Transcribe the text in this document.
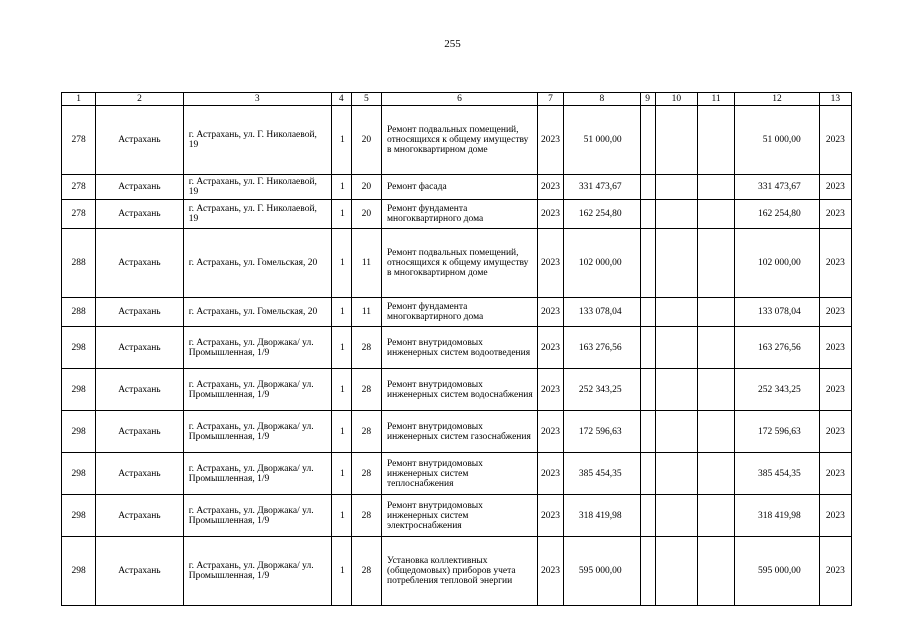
255
1	2	3	4	5	6	7	8	9	10	11	12	13
278	Астрахань	г. Астрахань, ул. Г. Николаевой, 19	1	20	Ремонт подвальных помещений, относящихся к общему имуществу в многоквартирном доме	2023	51 000,00				51 000,00	2023
278	Астрахань	г. Астрахань, ул. Г. Николаевой, 19	1	20	Ремонт фасада	2023	331 473,67				331 473,67	2023
278	Астрахань	г. Астрахань, ул. Г. Николаевой, 19	1	20	Ремонт фундамента многоквартирного дома	2023	162 254,80				162 254,80	2023
288	Астрахань	г. Астрахань, ул. Гомельская, 20	1	11	Ремонт подвальных помещений, относящихся к общему имуществу в многоквартирном доме	2023	102 000,00				102 000,00	2023
288	Астрахань	г. Астрахань, ул. Гомельская, 20	1	11	Ремонт фундамента многоквартирного дома	2023	133 078,04				133 078,04	2023
298	Астрахань	г. Астрахань, ул. Дворжака/ ул. Промышленная, 1/9	1	28	Ремонт внутридомовых инженерных систем водоотведения	2023	163 276,56				163 276,56	2023
298	Астрахань	г. Астрахань, ул. Дворжака/ ул. Промышленная, 1/9	1	28	Ремонт внутридомовых инженерных систем водоснабжения	2023	252 343,25				252 343,25	2023
298	Астрахань	г. Астрахань, ул. Дворжака/ ул. Промышленная, 1/9	1	28	Ремонт внутридомовых инженерных систем газоснабжения	2023	172 596,63				172 596,63	2023
298	Астрахань	г. Астрахань, ул. Дворжака/ ул. Промышленная, 1/9	1	28	Ремонт внутридомовых инженерных систем теплоснабжения	2023	385 454,35				385 454,35	2023
298	Астрахань	г. Астрахань, ул. Дворжака/ ул. Промышленная, 1/9	1	28	Ремонт внутридомовых инженерных систем электроснабжения	2023	318 419,98				318 419,98	2023
298	Астрахань	г. Астрахань, ул. Дворжака/ ул. Промышленная, 1/9	1	28	Установка коллективных (общедомовых) приборов учета потребления тепловой энергии	2023	595 000,00				595 000,00	2023
